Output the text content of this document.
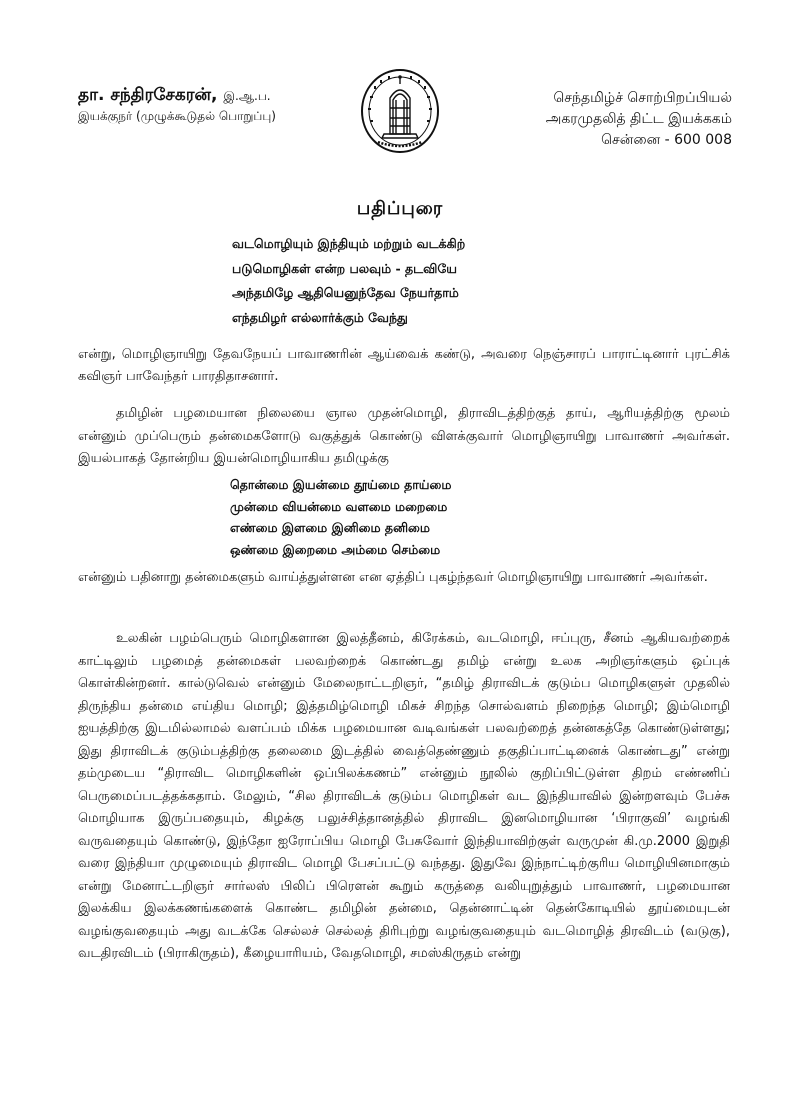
தா. சந்திரசேகரன், இ.ஆ.ப.
இயக்குநர் (முழுக்கூடுதல் பொறுப்பு)
செந்தமிழ்ச் சொற்பிறப்பியல்
அகரமுதலித் திட்ட இயக்ககம்
சென்னை - 600 008
பதிப்புரை
வடமொழியும் இந்தியும் மற்றும் வடக்கிற்
படுமொழிகள் என்ற பலவும் - தடவியே
அந்தமிழே ஆதியெனுந்தேவ நேயர்தாம்
எந்தமிழர் எல்லார்க்கும் வேந்து

என்று, மொழிஞாயிறு தேவநேயப் பாவாணரின் ஆய்வைக் கண்டு, அவரை நெஞ்சாரப் பாராட்டினார் புரட்சிக் கவிஞர் பாவேந்தர் பாரதிதாசனார்.

தமிழின் பழமையான நிலையை ஞால முதன்மொழி, திராவிடத்திற்குத் தாய், ஆரியத்திற்கு மூலம் என்னும் முப்பெரும் தன்மைகளோடு வகுத்துக் கொண்டு விளக்குவார் மொழிஞாயிறு பாவாணர் அவர்கள். இயல்பாகத் தோன்றிய இயன்மொழியாகிய தமிழுக்கு

தொன்மை இயன்மை தூய்மை தாய்மை
முன்மை வியன்மை வளமை மறைமை
எண்மை இளமை இனிமை தனிமை
ஒண்மை இறைமை அம்மை செம்மை

என்னும் பதினாறு தன்மைகளும் வாய்த்துள்ளன என ஏத்திப் புகழ்ந்தவர் மொழிஞாயிறு பாவாணர் அவர்கள்.

உலகின் பழம்பெரும் மொழிகளான இலத்தீனம், கிரேக்கம், வடமொழி, ஈப்புரு, சீனம் ஆகியவற்றைக் காட்டிலும் பழமைத் தன்மைகள் பலவற்றைக் கொண்டது தமிழ் என்று உலக அறிஞர்களும் ஒப்புக் கொள்கின்றனர். கால்டுவெல் என்னும் மேலைநாட்டறிஞர், “தமிழ் திராவிடக் குடும்ப மொழிகளுள் முதலில் திருந்திய தன்மை எய்திய மொழி; இத்தமிழ்மொழி மிகச் சிறந்த சொல்வளம் நிறைந்த மொழி; இம்மொழி ஐயத்திற்கு இடமில்லாமல் வளப்பம் மிக்க பழமையான வடிவங்கள் பலவற்றைத் தன்னகத்தே கொண்டுள்ளது; இது திராவிடக் குடும்பத்திற்கு தலைமை இடத்தில் வைத்தெண்ணும் தகுதிப்பாட்டினைக் கொண்டது” என்று தம்முடைய “திராவிட மொழிகளின் ஒப்பிலக்கணம்” என்னும் நூலில் குறிப்பிட்டுள்ள திறம் எண்ணிப் பெருமைப்படத்தக்கதாம். மேலும், “சில திராவிடக் குடும்ப மொழிகள் வட இந்தியாவில் இன்றளவும் பேச்சு மொழியாக இருப்பதையும், கிழக்கு பலுச்சித்தானத்தில் திராவிட இனமொழியான ‘பிராகுவி’ வழங்கி வருவதையும் கொண்டு, இந்தோ ஐரோப்பிய மொழி பேசுவோர் இந்தியாவிற்குள் வருமுன் கி.மு.2000 இறுதி வரை இந்தியா முழுமையும் திராவிட மொழி பேசப்பட்டு வந்தது. இதுவே இந்நாட்டிற்குரிய மொழியினமாகும் என்று மேனாட்டறிஞர் சார்லஸ் பிலிப் பிரௌன் கூறும் கருத்தை வலியுறுத்தும் பாவாணர், பழமையான இலக்கிய இலக்கணங்களைக் கொண்ட தமிழின் தன்மை, தென்னாட்டின் தென்கோடியில் தூய்மையுடன் வழங்குவதையும் அது வடக்கே செல்லச் செல்லத் திரிபுற்று வழங்குவதையும் வடமொழித் திரவிடம் (வடுகு), வடதிரவிடம் (பிராகிருதம்), கீழையாரியம், வேதமொழி, சமஸ்கிருதம் என்று
